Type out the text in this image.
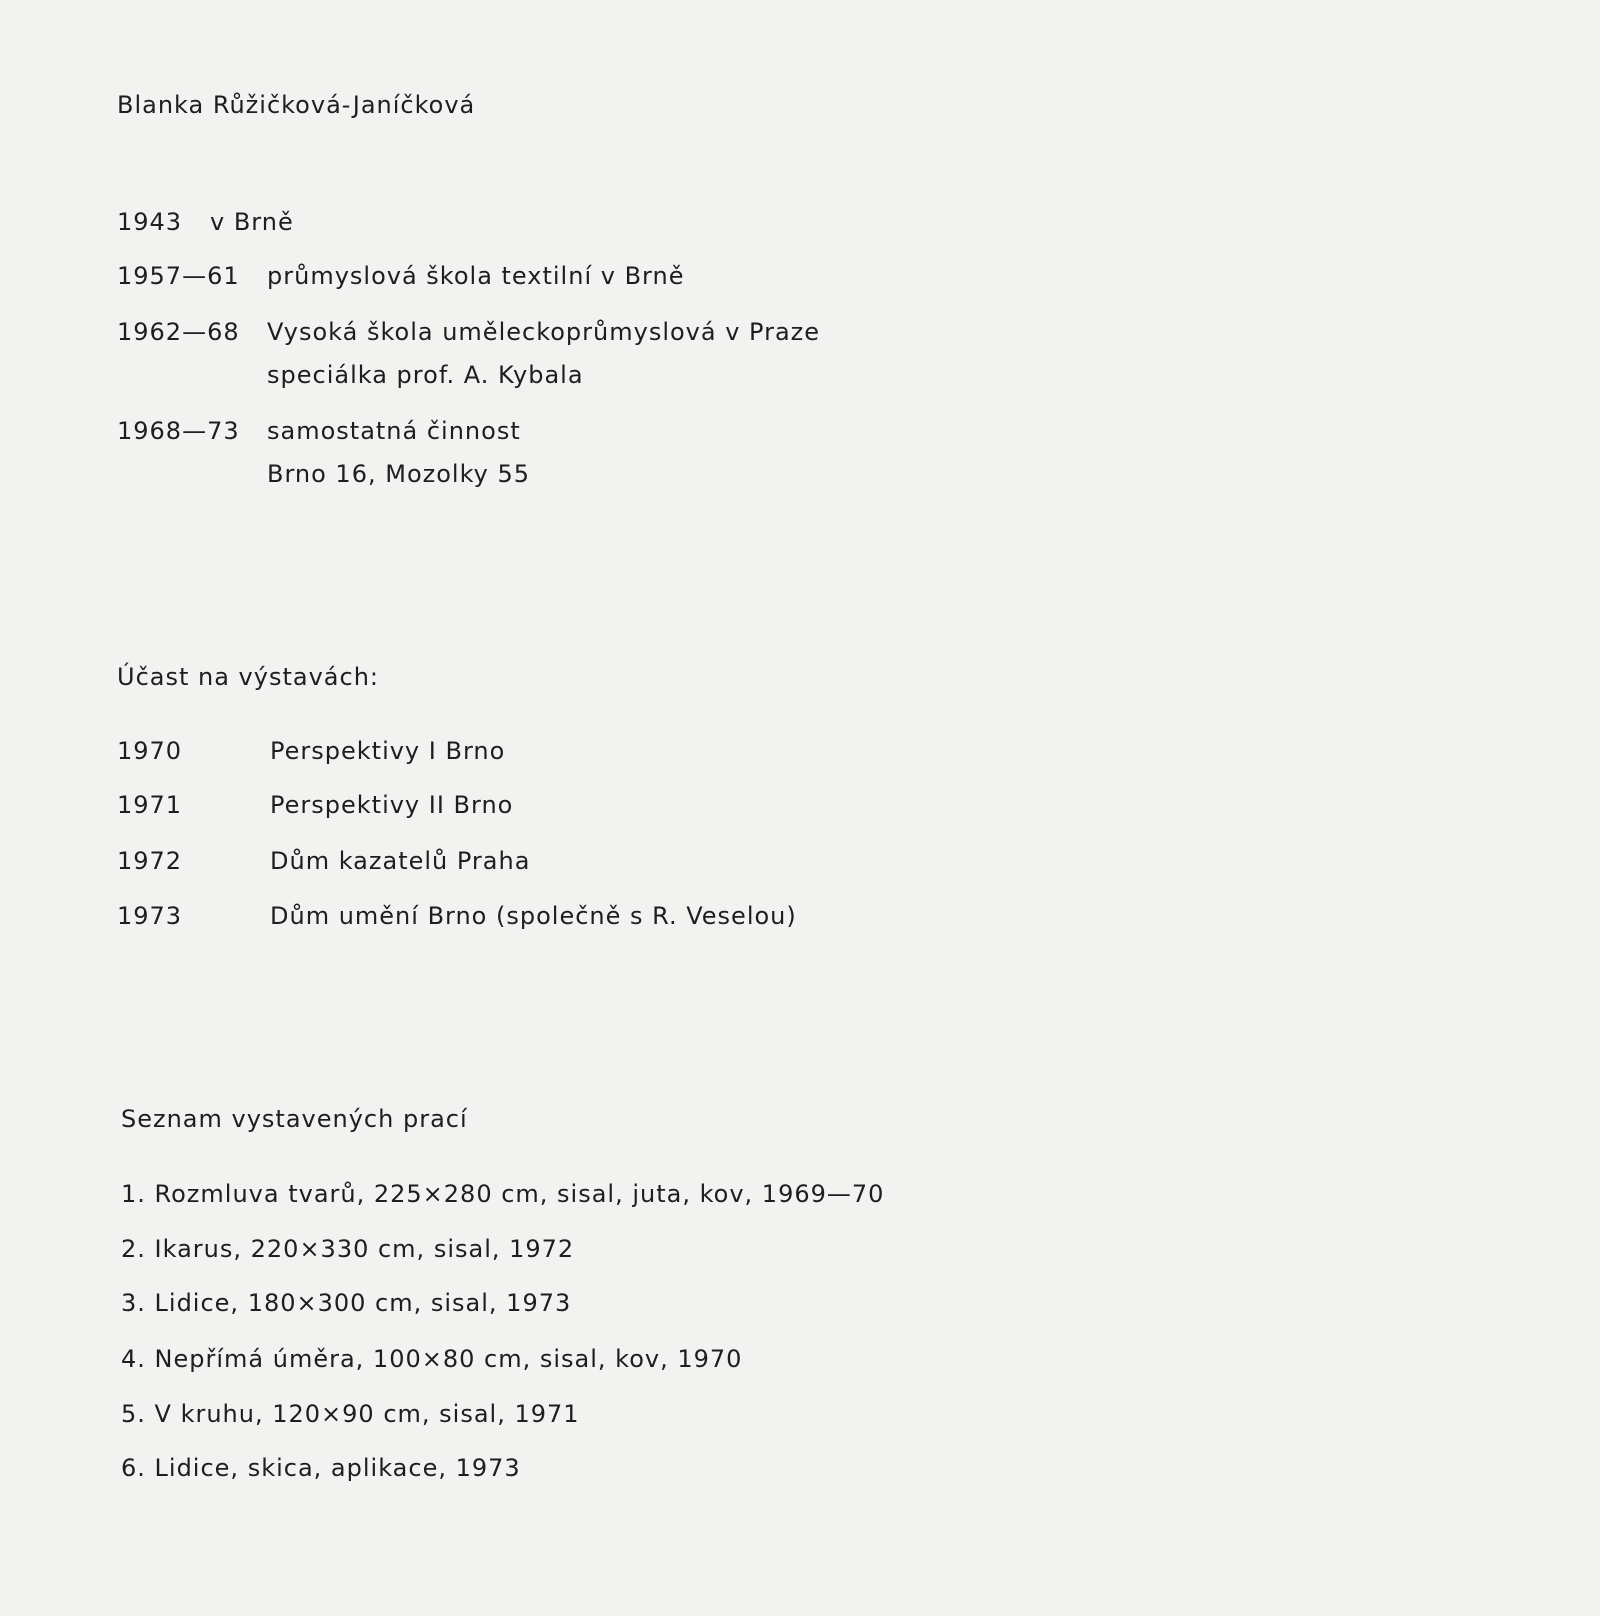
Blanka Růžičková-Janíčková
1943 v Brně
1957—61 průmyslová škola textilní v Brně
1962—68 Vysoká škola uměleckoprůmyslová v Praze
speciálka prof. A. Kybala
1968—73 samostatná činnost
Brno 16, Mozolky 55
Účast na výstavách:
1970	Perspektivy I Brno
1971	Perspektivy II Brno
1972	Dům kazatelů Praha
1973	Dům umění Brno (společně s R. Veselou)
Seznam vystavených prací
1. Rozmluva tvarů, 225×280 cm, sisal, juta, kov, 1969—70
2. Ikarus, 220×330 cm, sisal, 1972
3. Lidice, 180×300 cm, sisal, 1973
4. Nepřímá úměra, 100×80 cm, sisal, kov, 1970
5. V kruhu, 120×90 cm, sisal, 1971
6. Lidice, skica, aplikace, 1973
